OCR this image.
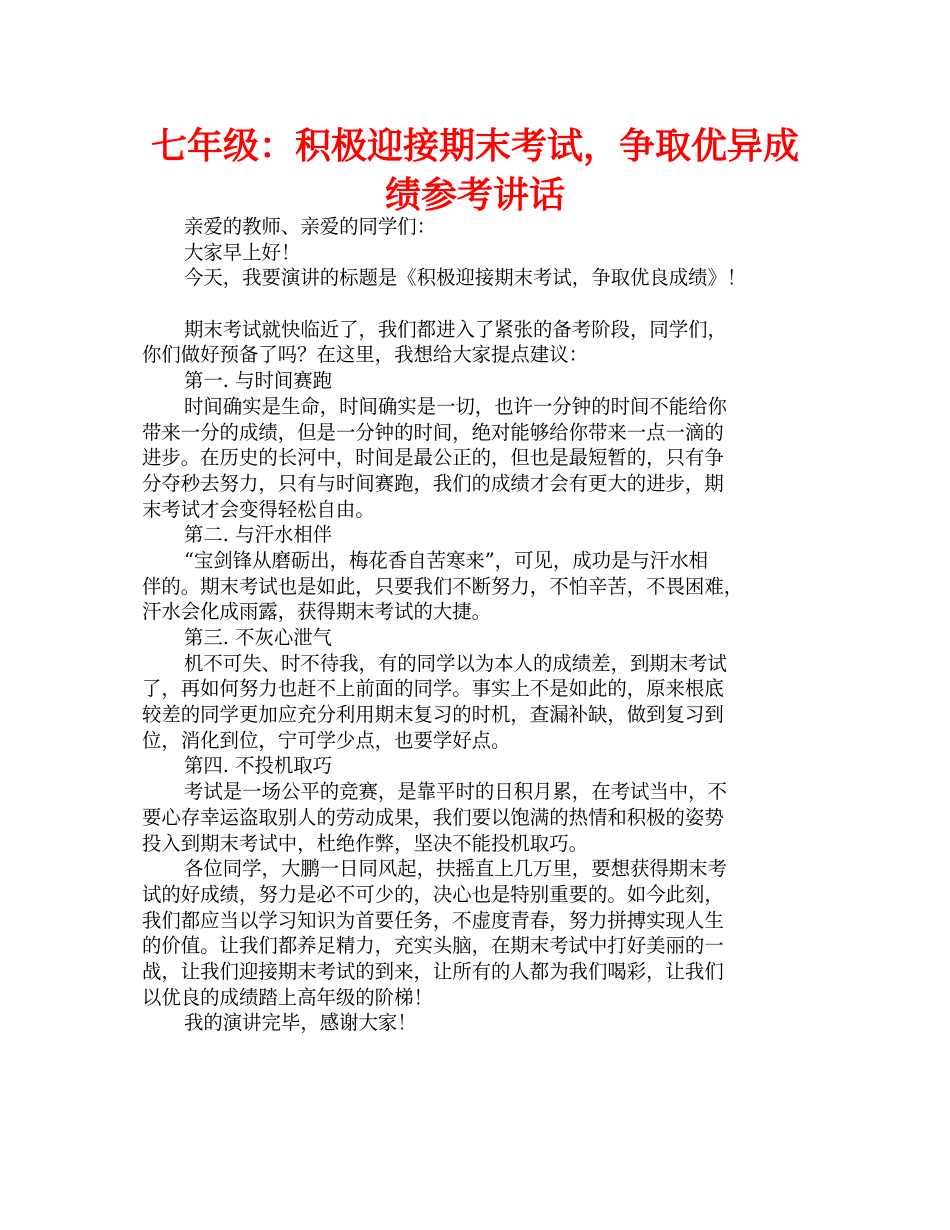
七年级：积极迎接期末考试，争取优异成
绩参考讲话
亲爱的教师、亲爱的同学们：
大家早上好！
今天，我要演讲的标题是《积极迎接期末考试，争取优良成绩》！
期末考试就快临近了，我们都进入了紧张的备考阶段，同学们，
你们做好预备了吗？在这里，我想给大家提点建议：
第一. 与时间赛跑
时间确实是生命，时间确实是一切，也许一分钟的时间不能给你
带来一分的成绩，但是一分钟的时间，绝对能够给你带来一点一滴的
进步。在历史的长河中，时间是最公正的，但也是最短暂的，只有争
分夺秒去努力，只有与时间赛跑，我们的成绩才会有更大的进步，期
末考试才会变得轻松自由。
第二. 与汗水相伴
“宝剑锋从磨砺出，梅花香自苦寒来”，可见，成功是与汗水相
伴的。期末考试也是如此，只要我们不断努力，不怕辛苦，不畏困难，
汗水会化成雨露，获得期末考试的大捷。
第三. 不灰心泄气
机不可失、时不待我，有的同学以为本人的成绩差，到期末考试
了，再如何努力也赶不上前面的同学。事实上不是如此的，原来根底
较差的同学更加应充分利用期末复习的时机，查漏补缺，做到复习到
位，消化到位，宁可学少点，也要学好点。
第四. 不投机取巧
考试是一场公平的竞赛，是靠平时的日积月累，在考试当中，不
要心存幸运盗取别人的劳动成果，我们要以饱满的热情和积极的姿势
投入到期末考试中，杜绝作弊，坚决不能投机取巧。
各位同学，大鹏一日同风起，扶摇直上几万里，要想获得期末考
试的好成绩，努力是必不可少的，决心也是特别重要的。如今此刻，
我们都应当以学习知识为首要任务，不虚度青春，努力拼搏实现人生
的价值。让我们都养足精力，充实头脑，在期末考试中打好美丽的一
战，让我们迎接期末考试的到来，让所有的人都为我们喝彩，让我们
以优良的成绩踏上高年级的阶梯！
我的演讲完毕，感谢大家！
